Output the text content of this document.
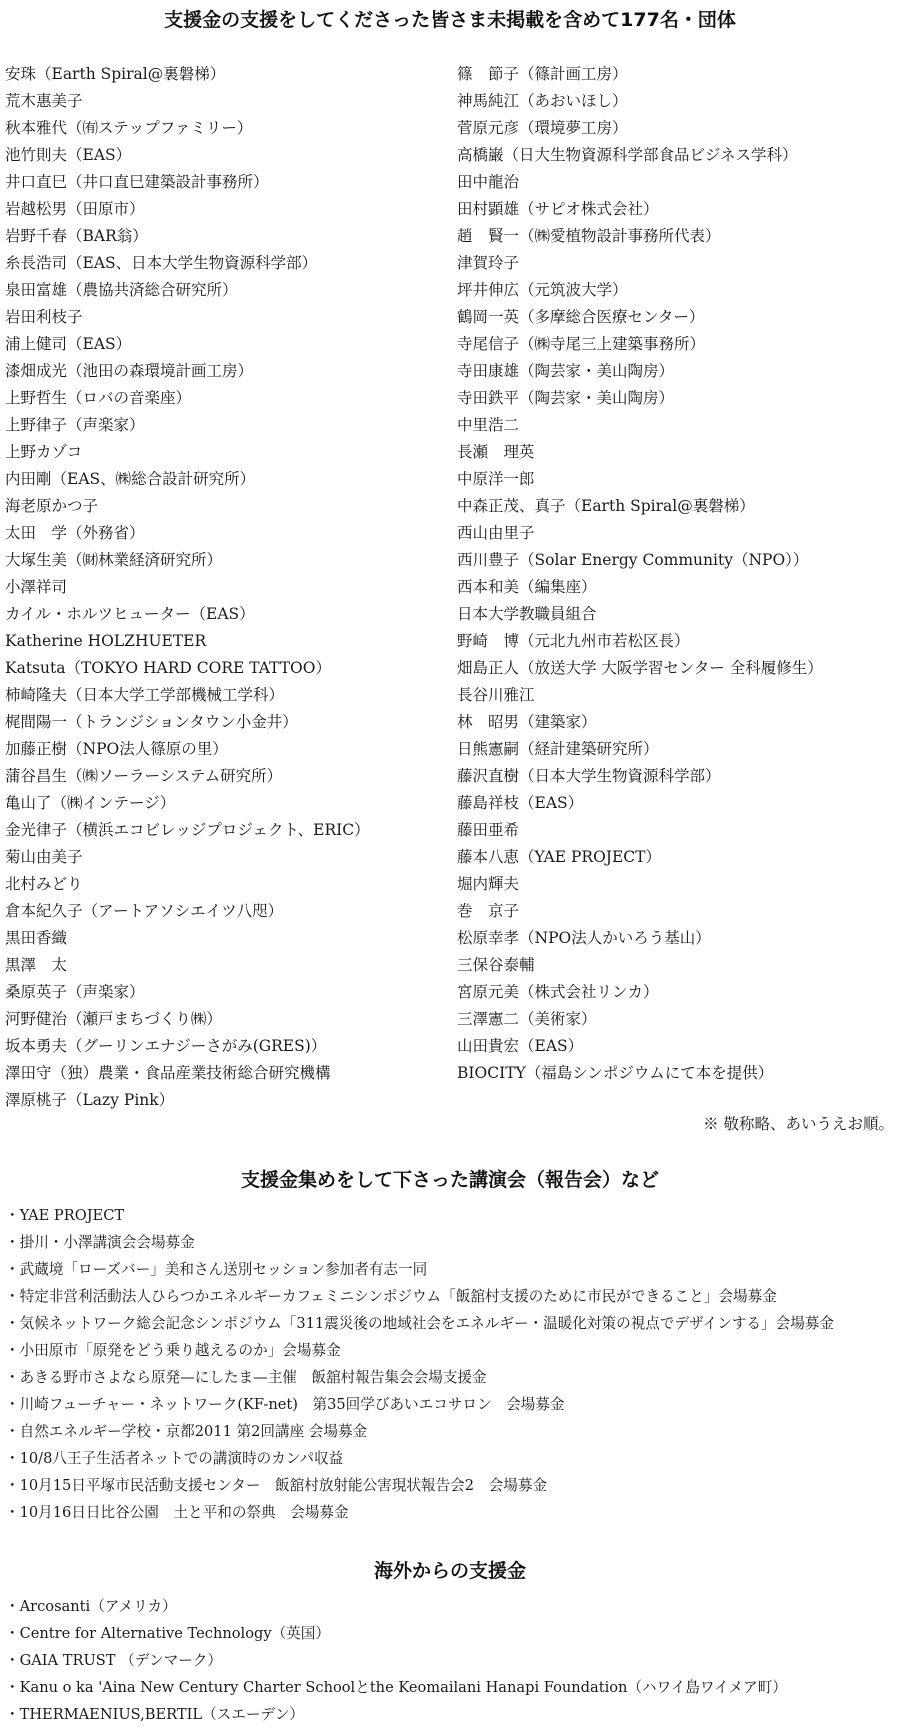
支援金の支援をしてくださった皆さま未掲載を含めて177名・団体
安珠（Earth Spiral@裏磐梯）
荒木惠美子
秋本雅代（㈲ステップファミリー）
池竹則夫（EAS）
井口直巳（井口直巳建築設計事務所）
岩越松男（田原市）
岩野千春（BAR翁）
糸長浩司（EAS、日本大学生物資源科学部）
泉田富雄（農協共済総合研究所）
岩田利枝子
浦上健司（EAS）
漆畑成光（池田の森環境計画工房）
上野哲生（ロバの音楽座）
上野律子（声楽家）
上野カゾコ
内田剛（EAS、㈱総合設計研究所）
海老原かつ子
太田　学（外務省）
大塚生美（㈶林業経済研究所）
小澤祥司
カイル・ホルツヒューター（EAS）
Katherine HOLZHUETER
Katsuta（TOKYO HARD CORE TATTOO）
柿崎隆夫（日本大学工学部機械工学科）
梶間陽一（トランジションタウン小金井）
加藤正樹（NPO法人篠原の里）
蒲谷昌生（㈱ソーラーシステム研究所）
亀山了（㈱インテージ）
金光律子（横浜エコビレッジプロジェクト、ERIC）
菊山由美子
北村みどり
倉本紀久子（アートアソシエイツ八咫）
黒田香織
黒澤　太
桑原英子（声楽家）
河野健治（瀬戸まちづくり㈱）
坂本勇夫（グーリンエナジーさがみ(GRES)）
澤田守（独）農業・食品産業技術総合研究機構
澤原桃子（Lazy Pink）
篠　節子（篠計画工房）
神馬純江（あおいほし）
菅原元彦（環境夢工房）
高橋巌（日大生物資源科学部食品ビジネス学科）
田中龍治
田村顕雄（サピオ株式会社）
趙　賢一（㈱愛植物設計事務所代表）
津賀玲子
坪井伸広（元筑波大学）
鶴岡一英（多摩総合医療センター）
寺尾信子（㈱寺尾三上建築事務所）
寺田康雄（陶芸家・美山陶房）
寺田鉄平（陶芸家・美山陶房）
中里浩二
長瀬　理英
中原洋一郎
中森正茂、真子（Earth Spiral@裏磐梯）
西山由里子
西川豊子（Solar Energy Community（NPO））
西本和美（編集座）
日本大学教職員組合
野崎　博（元北九州市若松区長）
畑島正人（放送大学 大阪学習センター 全科履修生）
長谷川雅江
林　昭男（建築家）
日熊憲嗣（経計建築研究所）
藤沢直樹（日本大学生物資源科学部）
藤島祥枝（EAS）
藤田亜希
藤本八恵（YAE PROJECT）
堀内輝夫
巻　京子
松原幸孝（NPO法人かいろう基山）
三保谷泰輔
宮原元美（株式会社リンカ）
三澤憲二（美術家）
山田貴宏（EAS）
BIOCITY（福島シンポジウムにて本を提供）
※ 敬称略、あいうえお順。
支援金集めをして下さった講演会（報告会）など
・YAE PROJECT
・掛川・小澤講演会会場募金
・武蔵境「ローズバー」美和さん送別セッション参加者有志一同
・特定非営利活動法人ひらつかエネルギーカフェミニシンポジウム「飯舘村支援のために市民ができること」会場募金
・気候ネットワーク総会記念シンポジウム「311震災後の地域社会をエネルギー・温暖化対策の視点でデザインする」会場募金
・小田原市「原発をどう乗り越えるのか」会場募金
・あきる野市さよなら原発—にしたま—主催　飯舘村報告集会会場支援金
・川崎フューチャー・ネットワーク(KF-net)　第35回学びあいエコサロン　会場募金
・自然エネルギー学校・京都2011 第2回講座 会場募金
・10/8八王子生活者ネットでの講演時のカンパ収益
・10月15日平塚市民活動支援センター　飯舘村放射能公害現状報告会2　会場募金
・10月16日日比谷公園　土と平和の祭典　会場募金
海外からの支援金
・Arcosanti（アメリカ）
・Centre for Alternative Technology（英国）
・GAIA TRUST （デンマーク）
・Kanu o ka 'Aina New Century Charter Schoolとthe Keomailani Hanapi Foundation（ハワイ島ワイメア町）
・THERMAENIUS,BERTIL（スエーデン）
